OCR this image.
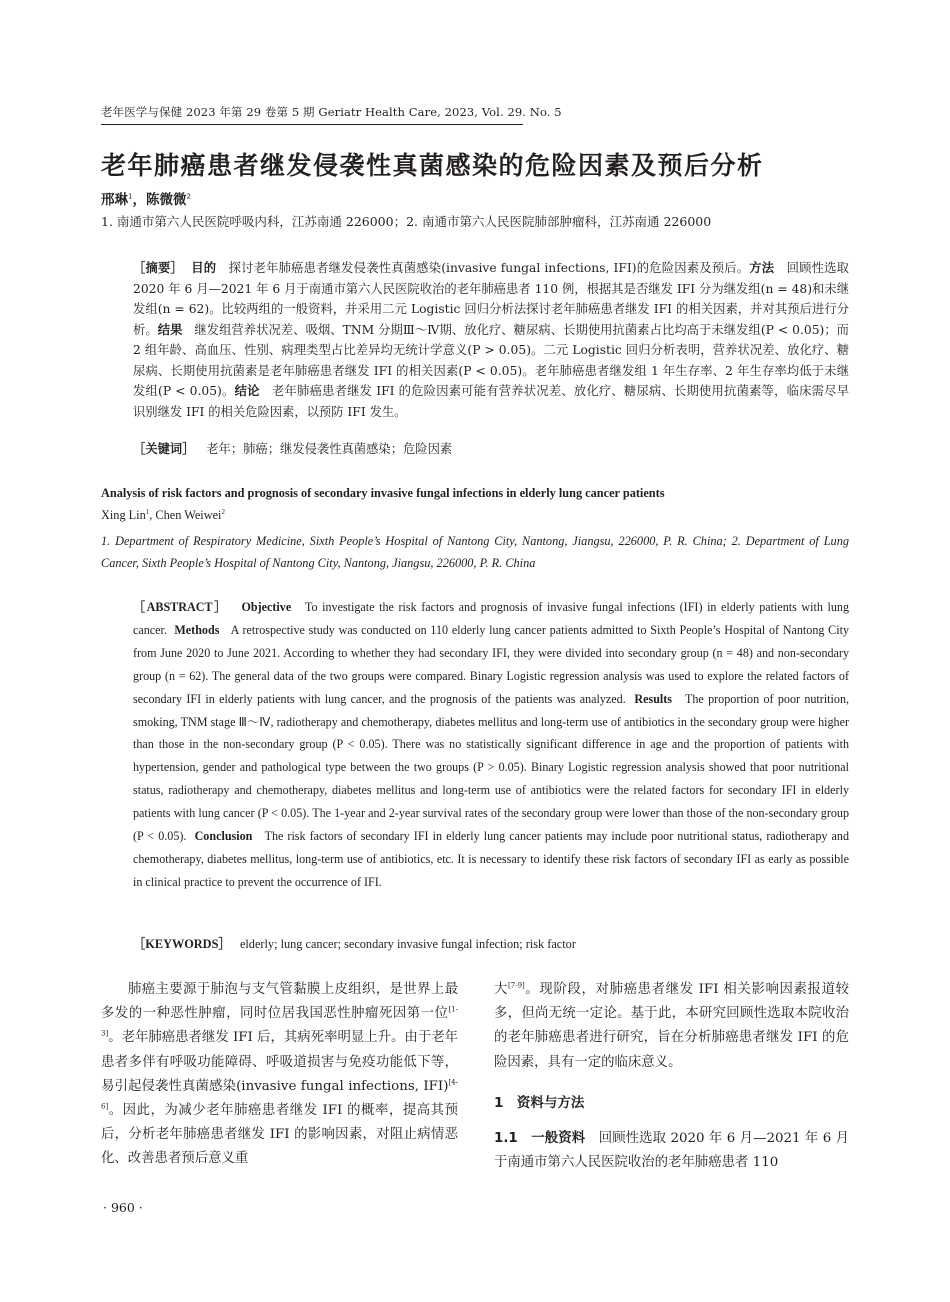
老年医学与保健 2023 年第 29 卷第 5 期 Geriatr Health Care, 2023, Vol. 29. No. 5
老年肺癌患者继发侵袭性真菌感染的危险因素及预后分析
邢琳$^1$，陈微微$^2$
1. 南通市第六人民医院呼吸内科，江苏南通 226000；2. 南通市第六人民医院肺部肿瘤科，江苏南通 226000
［摘要］ 目的 探讨老年肺癌患者继发侵袭性真菌感染(invasive fungal infections, IFI)的危险因素及预后。方法 回顾性选取 2020 年 6 月—2021 年 6 月于南通市第六人民医院收治的老年肺癌患者 110 例，根据其是否继发 IFI 分为继发组(n = 48)和未继发组(n = 62)。比较两组的一般资料，并采用二元 Logistic 回归分析法探讨老年肺癌患者继发 IFI 的相关因素，并对其预后进行分析。结果 继发组营养状况差、吸烟、TNM 分期Ⅲ～Ⅳ期、放化疗、糖尿病、长期使用抗菌素占比均高于未继发组(P < 0.05)；而 2 组年龄、高血压、性别、病理类型占比差异均无统计学意义(P > 0.05)。二元 Logistic 回归分析表明，营养状况差、放化疗、糖尿病、长期使用抗菌素是老年肺癌患者继发 IFI 的相关因素(P < 0.05)。老年肺癌患者继发组 1 年生存率、2 年生存率均低于未继发组(P < 0.05)。结论 老年肺癌患者继发 IFI 的危险因素可能有营养状况差、放化疗、糖尿病、长期使用抗菌素等，临床需尽早识别继发 IFI 的相关危险因素，以预防 IFI 发生。
［关键词］ 老年；肺癌；继发侵袭性真菌感染；危险因素
Analysis of risk factors and prognosis of secondary invasive fungal infections in elderly lung cancer patients
Xing Lin$^1$, Chen Weiwei$^2$
1. Department of Respiratory Medicine, Sixth People’s Hospital of Nantong City, Nantong, Jiangsu, 226000, P. R. China; 2. Department of Lung Cancer, Sixth People’s Hospital of Nantong City, Nantong, Jiangsu, 226000, P. R. China
［ABSTRACT］ Objective To investigate the risk factors and prognosis of invasive fungal infections (IFI) in elderly patients with lung cancer. Methods A retrospective study was conducted on 110 elderly lung cancer patients admitted to Sixth People’s Hospital of Nantong City from June 2020 to June 2021. According to whether they had secondary IFI, they were divided into secondary group (n = 48) and non-secondary group (n = 62). The general data of the two groups were compared. Binary Logistic regression analysis was used to explore the related factors of secondary IFI in elderly patients with lung cancer, and the prognosis of the patients was analyzed. Results The proportion of poor nutrition, smoking, TNM stage Ⅲ～Ⅳ, radiotherapy and chemotherapy, diabetes mellitus and long-term use of antibiotics in the secondary group were higher than those in the non-secondary group (P < 0.05). There was no statistically significant difference in age and the proportion of patients with hypertension, gender and pathological type between the two groups (P > 0.05). Binary Logistic regression analysis showed that poor nutritional status, radiotherapy and chemotherapy, diabetes mellitus and long-term use of antibiotics were the related factors for secondary IFI in elderly patients with lung cancer (P < 0.05). The 1-year and 2-year survival rates of the secondary group were lower than those of the non-secondary group (P < 0.05). Conclusion The risk factors of secondary IFI in elderly lung cancer patients may include poor nutritional status, radiotherapy and chemotherapy, diabetes mellitus, long-term use of antibiotics, etc. It is necessary to identify these risk factors of secondary IFI as early as possible in clinical practice to prevent the occurrence of IFI.
［KEYWORDS］ elderly; lung cancer; secondary invasive fungal infection; risk factor
肺癌主要源于肺泡与支气管黏膜上皮组织，是世界上最多发的一种恶性肿瘤，同时位居我国恶性肿瘤死因第一位[1-3]。老年肺癌患者继发 IFI 后，其病死率明显上升。由于老年患者多伴有呼吸功能障碍、呼吸道损害与免疫功能低下等，易引起侵袭性真菌感染(invasive fungal infections, IFI)[4-6]。因此，为减少老年肺癌患者继发 IFI 的概率，提高其预后，分析老年肺癌患者继发 IFI 的影响因素，对阻止病情恶化、改善患者预后意义重
大[7-9]。现阶段，对肺癌患者继发 IFI 相关影响因素报道较多，但尚无统一定论。基于此，本研究回顾性选取本院收治的老年肺癌患者进行研究，旨在分析肺癌患者继发 IFI 的危险因素，具有一定的临床意义。
1　资料与方法
1.1　一般资料　回顾性选取 2020 年 6 月—2021 年 6 月于南通市第六人民医院收治的老年肺癌患者 110
· 960 ·
